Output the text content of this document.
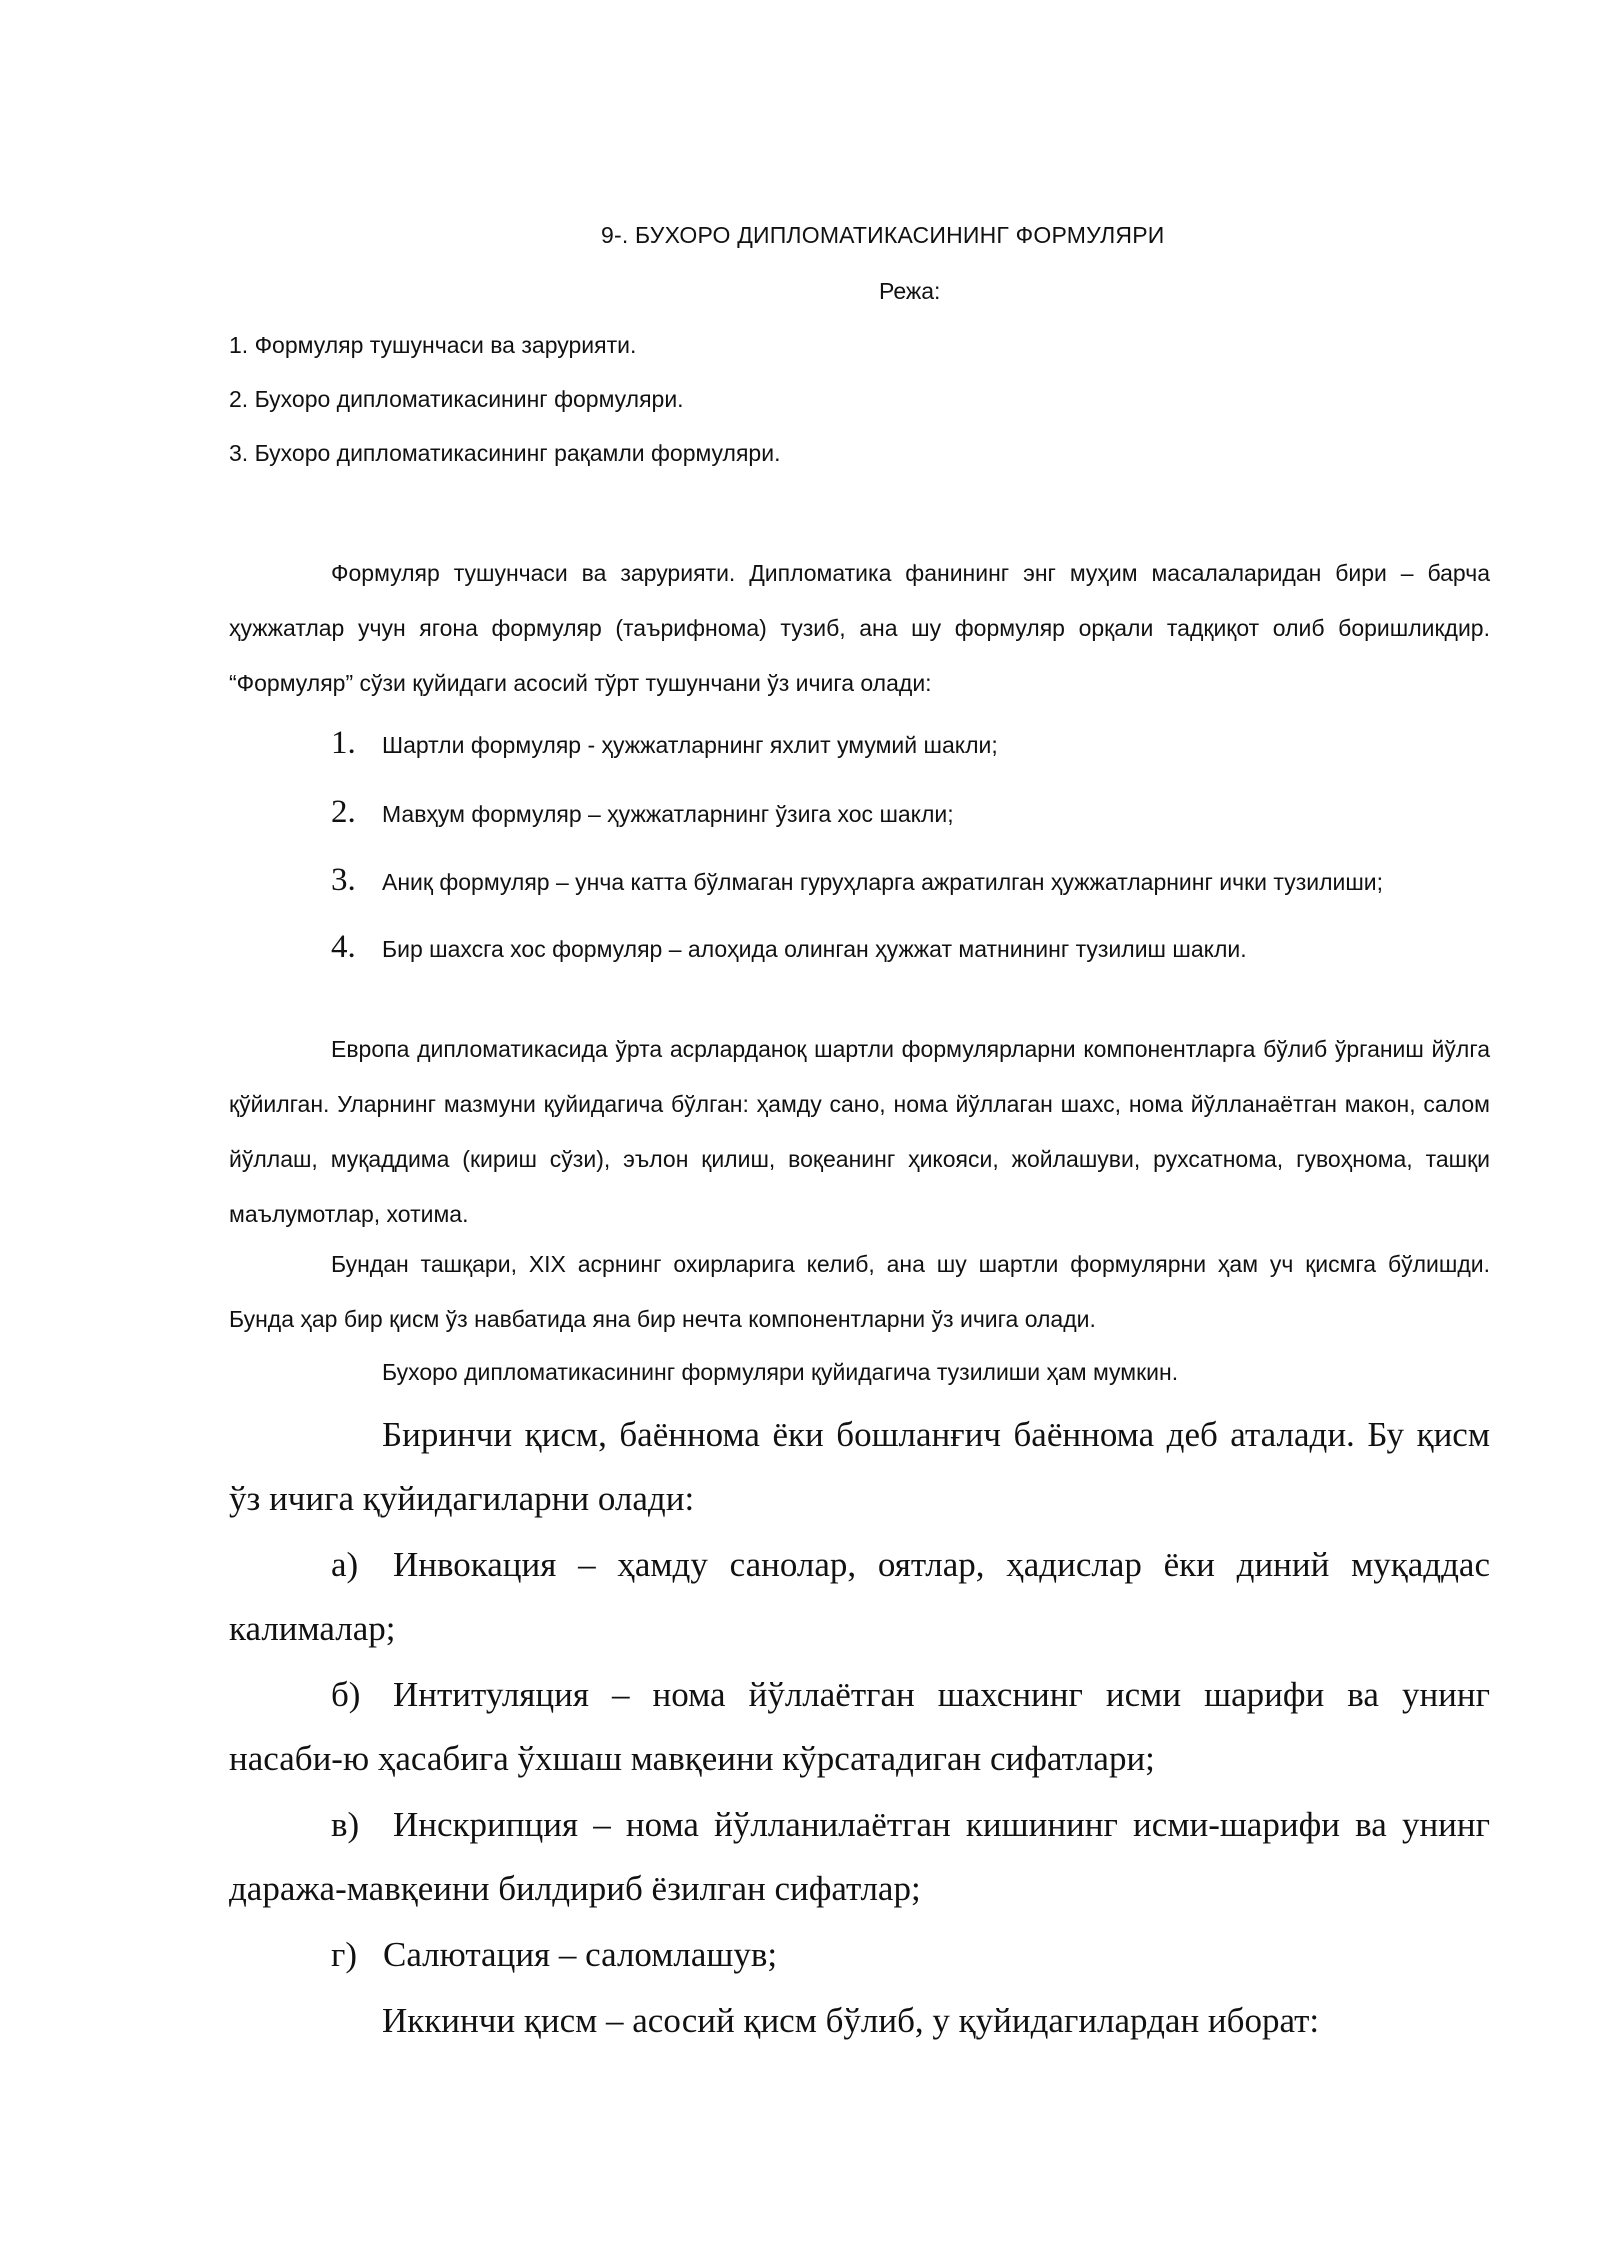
9-. БУХОРО ДИПЛОМАТИКАСИНИНГ ФОРМУЛЯРИ
Режа:
1. Формуляр тушунчаси ва зарурияти.
2. Бухоро дипломатикасининг формуляри.
3. Бухоро дипломатикасининг рақамли формуляри.

Формуляр тушунчаси ва зарурияти. Дипломатика фанининг энг муҳим масалаларидан бири – барча ҳужжатлар учун ягона формуляр (таърифнома) тузиб, ана шу формуляр орқали тадқиқот олиб боришликдир. “Формуляр” сўзи қуйидаги асосий тўрт тушунчани ўз ичига олади:

1. Шартли формуляр - ҳужжатларнинг яхлит умумий шакли;
2. Мавҳум формуляр – ҳужжатларнинг ўзига хос шакли;
3. Аниқ формуляр – унча катта бўлмаган гуруҳларга ажратилган ҳужжатларнинг ички тузилиши;
4. Бир шахсга хос формуляр – алоҳида олинган ҳужжат матнининг тузилиш шакли.

Европа дипломатикасида ўрта асрларданоқ шартли формулярларни компонентларга бўлиб ўрганиш йўлга қўйилган. Уларнинг мазмуни қуйидагича бўлган: ҳамду сано, нома йўллаган шахс, нома йўлланаётган макон, салом йўллаш, муқаддима (кириш сўзи), эълон қилиш, воқеанинг ҳикояси, жойлашуви, рухсатнома, гувоҳнома, ташқи маълумотлар, хотима.

Бундан ташқари, XIX асрнинг охирларига келиб, ана шу шартли формулярни ҳам уч қисмга бўлишди. Бунда ҳар бир қисм ўз навбатида яна бир нечта компонентларни ўз ичига олади.

Бухоро дипломатикасининг формуляри қуйидагича тузилиши ҳам мумкин.

Биринчи қисм, баённома ёки бошланғич баённома деб аталади. Бу қисм ўз ичига қуйидагиларни олади:

а) Инвокация – ҳамду санолар, оятлар, ҳадислар ёки диний муқаддас калималар;

б) Интитуляция – нома йўллаётган шахснинг исми шарифи ва унинг насаби-ю ҳасабига ўхшаш мавқеини кўрсатадиган сифатлари;

в) Инскрипция – нома йўлланилаётган кишининг исми-шарифи ва унинг даража-мавқеини билдириб ёзилган сифатлар;

г) Салютация – саломлашув;

Иккинчи қисм – асосий қисм бўлиб, у қуйидагилардан иборат:
